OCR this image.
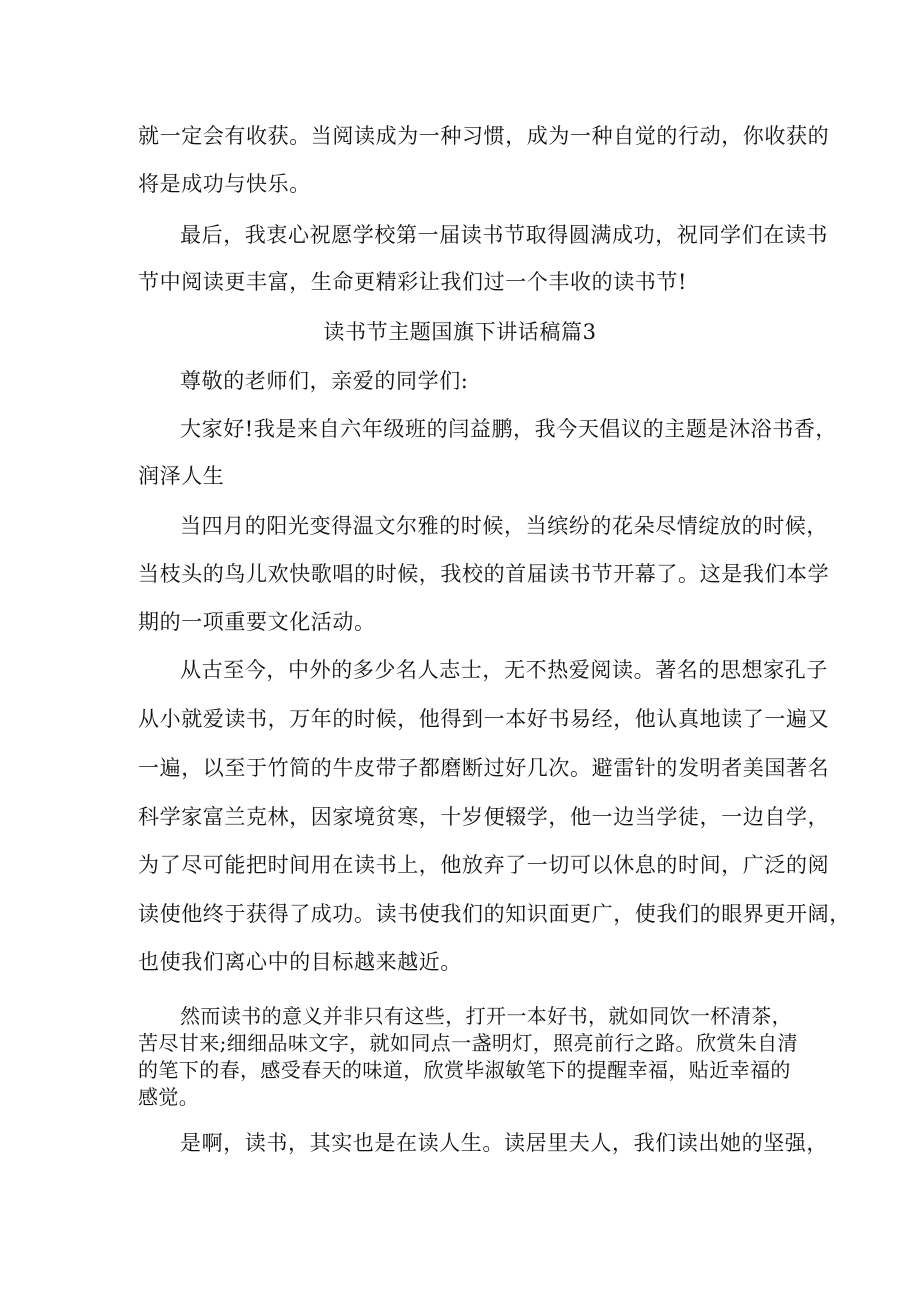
就一定会有收获。当阅读成为一种习惯，成为一种自觉的行动，你收获的
将是成功与快乐。
最后，我衷心祝愿学校第一届读书节取得圆满成功，祝同学们在读书
节中阅读更丰富，生命更精彩让我们过一个丰收的读书节!
读书节主题国旗下讲话稿篇3
尊敬的老师们，亲爱的同学们:
大家好!我是来自六年级班的闫益鹏，我今天倡议的主题是沐浴书香，
润泽人生
当四月的阳光变得温文尔雅的时候，当缤纷的花朵尽情绽放的时候，
当枝头的鸟儿欢快歌唱的时候，我校的首届读书节开幕了。这是我们本学
期的一项重要文化活动。
从古至今，中外的多少名人志士，无不热爱阅读。著名的思想家孔子
从小就爱读书，万年的时候，他得到一本好书易经，他认真地读了一遍又
一遍，以至于竹简的牛皮带子都磨断过好几次。避雷针的发明者美国著名
科学家富兰克林，因家境贫寒，十岁便辍学，他一边当学徒，一边自学，
为了尽可能把时间用在读书上，他放弃了一切可以休息的时间，广泛的阅
读使他终于获得了成功。读书使我们的知识面更广，使我们的眼界更开阔，
也使我们离心中的目标越来越近。
然而读书的意义并非只有这些，打开一本好书，就如同饮一杯清茶，
苦尽甘来;细细品味文字，就如同点一盏明灯，照亮前行之路。欣赏朱自清
的笔下的春，感受春天的味道，欣赏毕淑敏笔下的提醒幸福，贴近幸福的
感觉。
是啊，读书，其实也是在读人生。读居里夫人，我们读出她的坚强，
